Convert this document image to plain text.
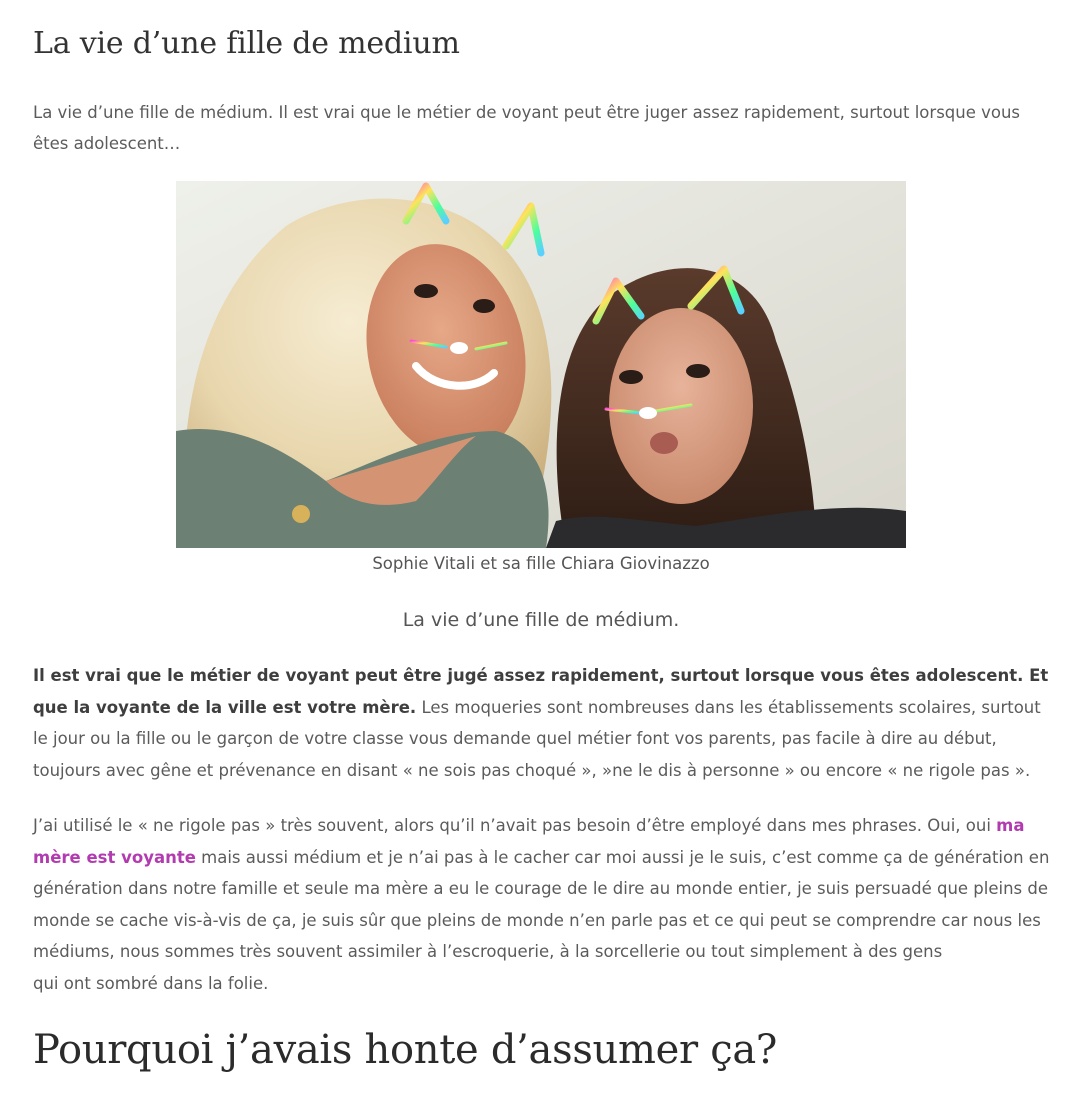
La vie d’une fille de medium

La vie d’une fille de médium. Il est vrai que le métier de voyant peut être juger assez rapidement, surtout lorsque vous êtes adolescent…

Sophie Vitali et sa fille Chiara Giovinazzo

La vie d’une fille de médium.

Il est vrai que le métier de voyant peut être jugé assez rapidement, surtout lorsque vous êtes adolescent. Et que la voyante de la ville est votre mère. Les moqueries sont nombreuses dans les établissements scolaires, surtout le jour ou la fille ou le garçon de votre classe vous demande quel métier font vos parents, pas facile à dire au début, toujours avec gêne et prévenance en disant « ne sois pas choqué », »ne le dis à personne » ou encore « ne rigole pas ».

J’ai utilisé le « ne rigole pas » très souvent, alors qu’il n’avait pas besoin d’être employé dans mes phrases. Oui, oui ma mère est voyante mais aussi médium et je n’ai pas à le cacher car moi aussi je le suis, c’est comme ça de génération en génération dans notre famille et seule ma mère a eu le courage de le dire au monde entier, je suis persuadé que pleins de monde se cache vis-à-vis de ça, je suis sûr que pleins de monde n’en parle pas et ce qui peut se comprendre car nous les médiums, nous sommes très souvent assimiler à l’escroquerie, à la sorcellerie ou tout simplement à des gens
qui ont sombré dans la folie.

Pourquoi j’avais honte d’assumer ça?
